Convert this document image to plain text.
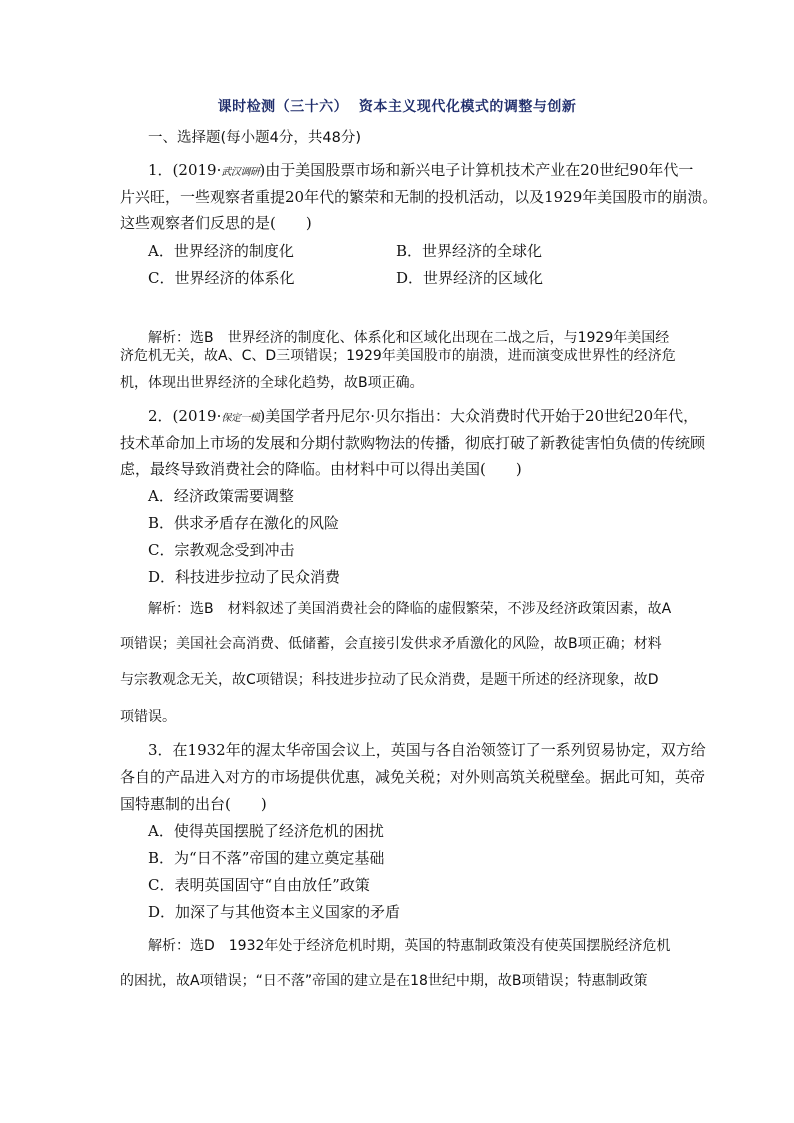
课时检测（三十六）  资本主义现代化模式的调整与创新
一、选择题(每小题4分，共48分)
1．(2019·武汉调研)由于美国股票市场和新兴电子计算机技术产业在20世纪90年代一
片兴旺，一些观察者重提20年代的繁荣和无制的投机活动，以及1929年美国股市的崩溃。
这些观察者们反思的是(　　)
A．世界经济的制度化	B．世界经济的全球化
C．世界经济的体系化	D．世界经济的区域化
解析：选B　世界经济的制度化、体系化和区域化出现在二战之后，与1929年美国经
济危机无关，故A、C、D三项错误；1929年美国股市的崩溃，进而演变成世界性的经济危
机，体现出世界经济的全球化趋势，故B项正确。
2．(2019·保定一模)美国学者丹尼尔·贝尔指出：大众消费时代开始于20世纪20年代，
技术革命加上市场的发展和分期付款购物法的传播，彻底打破了新教徒害怕负债的传统顾
虑，最终导致消费社会的降临。由材料中可以得出美国(　　)
A．经济政策需要调整
B．供求矛盾存在激化的风险
C．宗教观念受到冲击
D．科技进步拉动了民众消费
解析：选B　材料叙述了美国消费社会的降临的虚假繁荣，不涉及经济政策因素，故A
项错误；美国社会高消费、低储蓄，会直接引发供求矛盾激化的风险，故B项正确；材料
与宗教观念无关，故C项错误；科技进步拉动了民众消费，是题干所述的经济现象，故D
项错误。
3．在1932年的渥太华帝国会议上，英国与各自治领签订了一系列贸易协定，双方给
各自的产品进入对方的市场提供优惠，减免关税；对外则高筑关税壁垒。据此可知，英帝
国特惠制的出台(　　)
A．使得英国摆脱了经济危机的困扰
B．为“日不落”帝国的建立奠定基础
C．表明英国固守“自由放任”政策
D．加深了与其他资本主义国家的矛盾
解析：选D　1932年处于经济危机时期，英国的特惠制政策没有使英国摆脱经济危机
的困扰，故A项错误；“日不落”帝国的建立是在18世纪中期，故B项错误；特惠制政策
